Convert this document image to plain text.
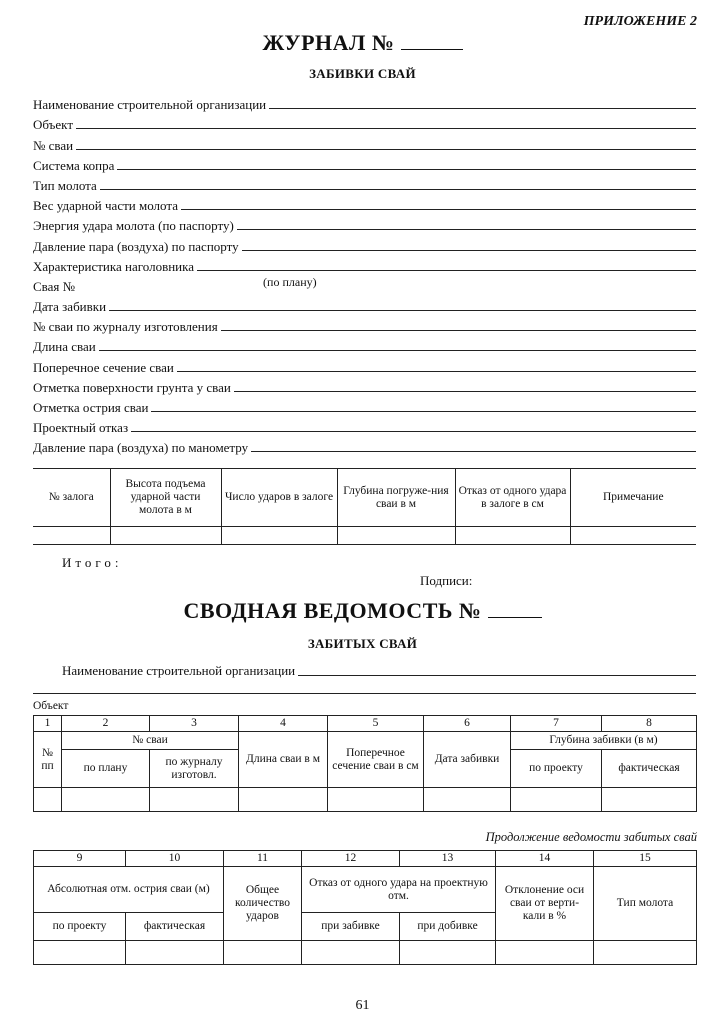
ПРИЛОЖЕНИЕ 2
ЖУРНАЛ №
ЗАБИВКИ СВАЙ
Наименование строительной организации
Объект
№ сваи
Система копра
Тип молота
Вес ударной части молота
Энергия удара молота (по паспорту)
Давление пара (воздуха) по паспорту
Характеристика наголовника
Свая №	(по плану)
Дата забивки
№ сваи по журналу изготовления
Длина сваи
Поперечное сечение сваи
Отметка поверхности грунта у сваи
Отметка острия сваи
Проектный отказ
Давление пара (воздуха) по манометру
№ залога	Высота подъема ударной части молота в м	Число ударов в залоге	Глубина погруже-ния сваи в м	Отказ от одного удара в залоге в см	Примечание

Итого:
Подписи:
СВОДНАЯ ВЕДОМОСТЬ №
ЗАБИТЫХ СВАЙ
Наименование строительной организации
Объект
1	2	3	4	5	6	7	8
№ пп	№ сваи		Длина сваи в м	Поперечное сечение сваи в см	Дата забивки	Глубина забивки (в м)	
	по плану	по журналу изготовл.				по проекту	фактическая

Продолжение ведомости забитых свай
9	10	11	12	13	14	15
Абсолютная отм. острия сваи (м)		Общее количество ударов	Отказ от одного удара на проектную отм.		Отклонение оси сваи от верти-кали в %	Тип молота
по проекту	фактическая		при забивке	при добивке		

61
